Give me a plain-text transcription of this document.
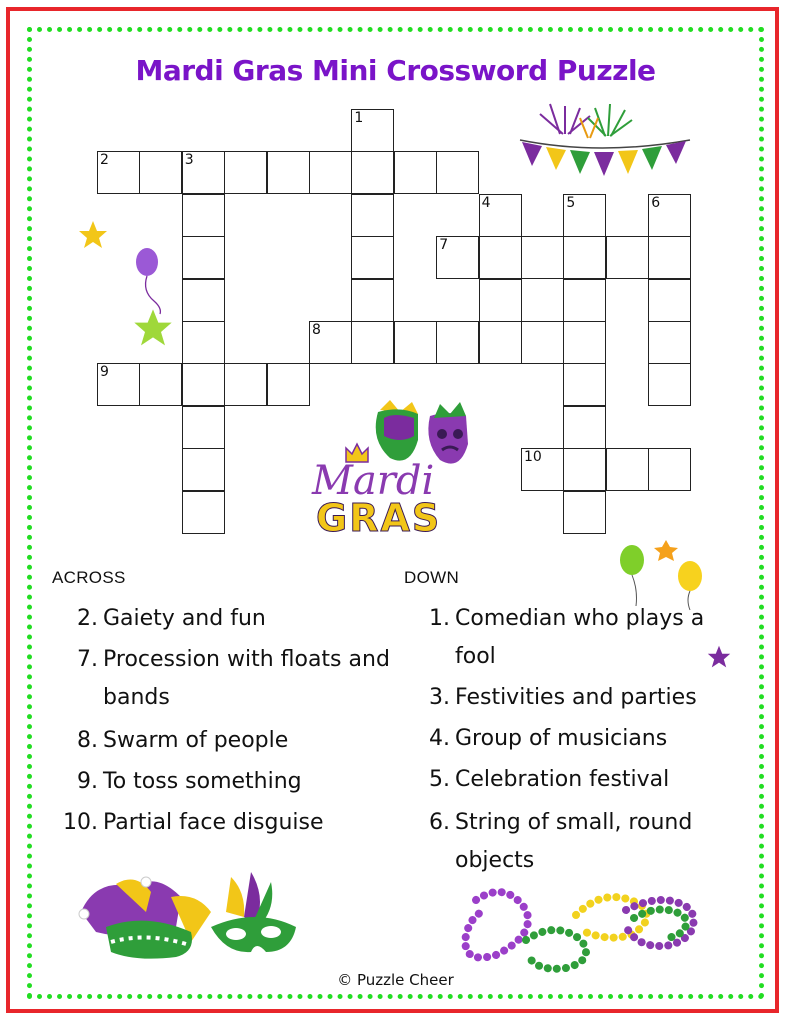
Mardi Gras Mini Crossword Puzzle
1
2	3
4	5	6
7
8
9
10
Mardi
GRAS
ACROSS	DOWN
2. Gaiety and fun
7. Procession with floats and bands
8. Swarm of people
9. To toss something
10. Partial face disguise
1. Comedian who plays a fool
3. Festivities and parties
4. Group of musicians
5. Celebration festival
6. String of small, round objects
© Puzzle Cheer
